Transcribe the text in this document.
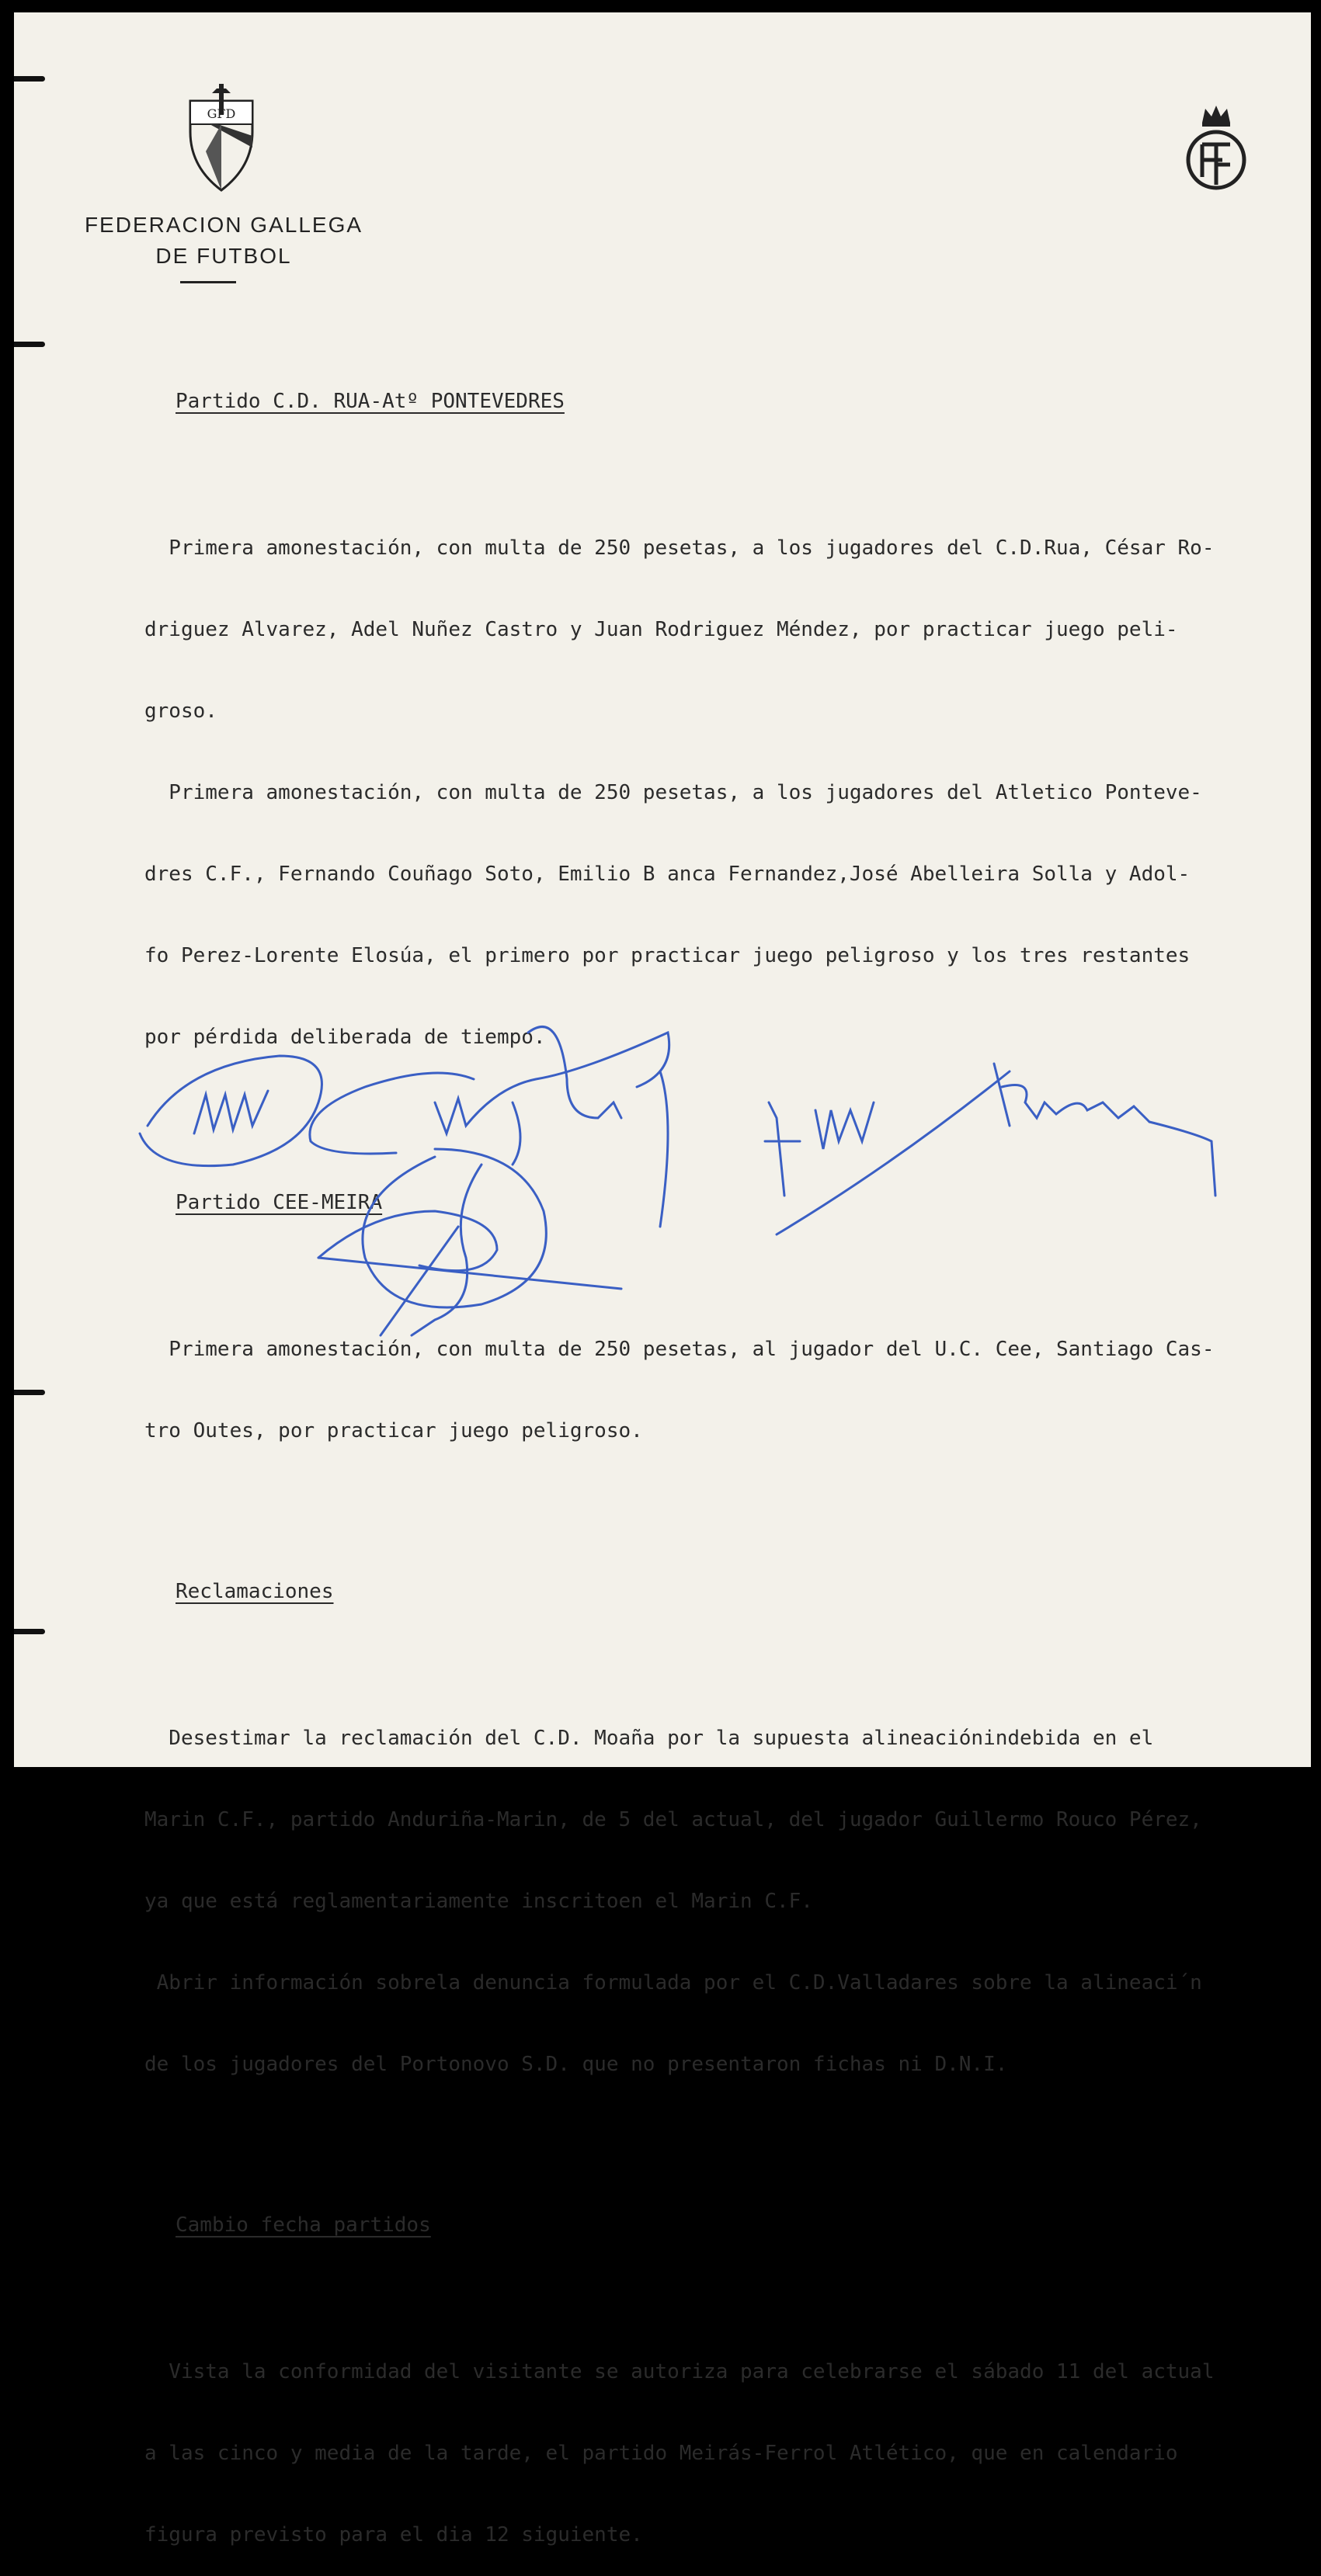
GFD
FEDERACION GALLEGA
DE FUTBOL

Partido C.D. RUA-Atº PONTEVEDRES

Primera amonestación, con multa de 250 pesetas, a los jugadores del C.D.Rua, César Ro-

driguez Alvarez, Adel Nuñez Castro y Juan Rodriguez Méndez, por practicar juego peli-

groso.

Primera amonestación, con multa de 250 pesetas, a los jugadores del Atletico Ponteve-

dres C.F., Fernando Couñago Soto, Emilio B anca Fernandez,José Abelleira Solla y Adol-

fo Perez-Lorente Elosúa, el primero por practicar juego peligroso y los tres restantes

por pérdida deliberada de tiempo.

Partido CEE-MEIRA

Primera amonestación, con multa de 250 pesetas, al jugador del U.C. Cee, Santiago Cas-

tro Outes, por practicar juego peligroso.

Reclamaciones

Desestimar la reclamación del C.D. Moaña por la supuesta alineaciónindebida en el

Marin C.F., partido Anduriña-Marin, de 5 del actual, del jugador Guillermo Rouco Pérez,

ya que está reglamentariamente inscritoen el Marin C.F.

Abrir información sobrela denuncia formulada por el C.D.Valladares sobre la alineaci´n

de los jugadores del Portonovo S.D. que no presentaron fichas ni D.N.I.

Cambio fecha partidos

Vista la conformidad del visitante se autoriza para celebrarse el sábado 11 del actual

a las cinco y media de la tarde, el partido Meirás-Ferrol Atlético, que en calendario

figura previsto para el dia 12 siguiente.
